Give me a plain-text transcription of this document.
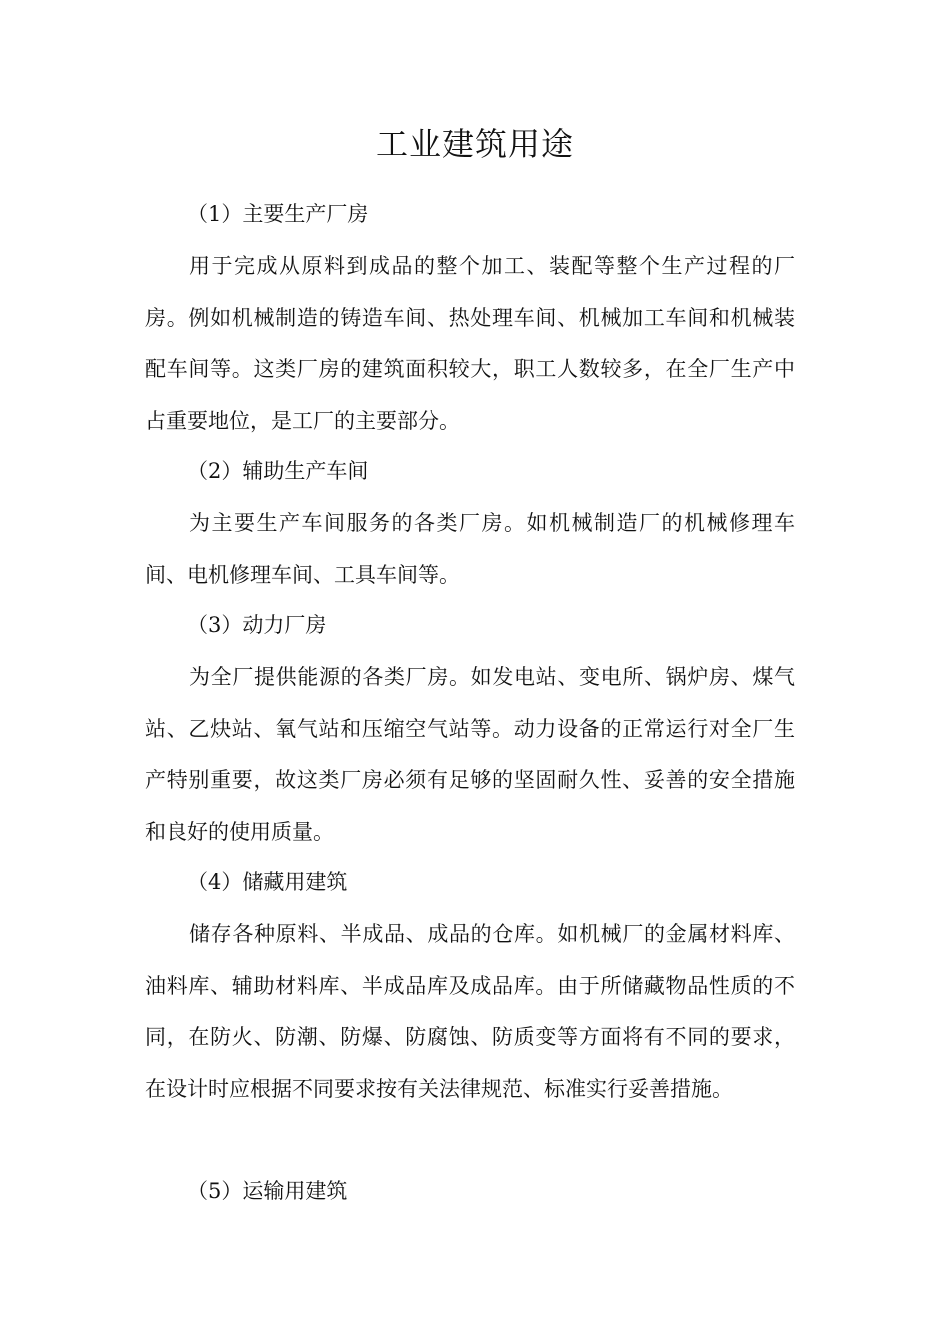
工业建筑用途

（1）主要生产厂房

用于完成从原料到成品的整个加工、装配等整个生产过程的厂房。例如机械制造的铸造车间、热处理车间、机械加工车间和机械装配车间等。这类厂房的建筑面积较大，职工人数较多，在全厂生产中占重要地位，是工厂的主要部分。

（2）辅助生产车间

为主要生产车间服务的各类厂房。如机械制造厂的机械修理车间、电机修理车间、工具车间等。

（3）动力厂房

为全厂提供能源的各类厂房。如发电站、变电所、锅炉房、煤气站、乙炔站、氧气站和压缩空气站等。动力设备的正常运行对全厂生产特别重要，故这类厂房必须有足够的坚固耐久性、妥善的安全措施和良好的使用质量。

（4）储藏用建筑

储存各种原料、半成品、成品的仓库。如机械厂的金属材料库、油料库、辅助材料库、半成品库及成品库。由于所储藏物品性质的不同，在防火、防潮、防爆、防腐蚀、防质变等方面将有不同的要求，在设计时应根据不同要求按有关法律规范、标准实行妥善措施。

（5）运输用建筑
